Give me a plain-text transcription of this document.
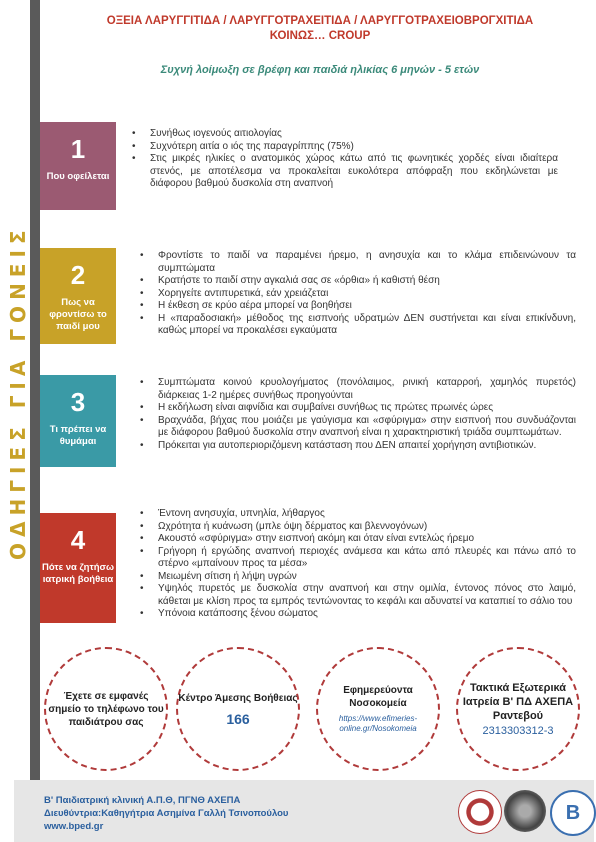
ΟΔΗΓΙΕΣ ΓΙΑ ΓΟΝΕΙΣ
ΟΞΕΙΑ ΛΑΡΥΓΓΙΤΙΔΑ / ΛΑΡΥΓΓΟΤΡΑΧΕΙΤΙΔΑ / ΛΑΡΥΓΓΟΤΡΑΧΕΙΟΒΡΟΓΧΙΤΙΔΑ
ΚΟΙΝΩΣ… CROUP
Συχνή λοίμωξη σε βρέφη και παιδιά ηλικίας 6 μηνών - 5 ετών
1
Που οφείλεται
• Συνήθως ιογενούς αιτιολογίας
• Συχνότερη αιτία ο ιός της παραγρίππης (75%)
• Στις μικρές ηλικίες ο ανατομικός χώρος κάτω από τις φωνητικές χορδές είναι ιδιαίτερα στενός, με αποτέλεσμα να προκαλείται ευκολότερα απόφραξη που εκδηλώνεται με διάφορου βαθμού δυσκολία στη αναπνοή
2
Πως να φροντίσω το παιδί μου
• Φροντίστε το παιδί να παραμένει ήρεμο, η ανησυχία και το κλάμα επιδεινώνουν τα συμπτώματα
• Κρατήστε το παιδί στην αγκαλιά σας σε «όρθια» ή καθιστή θέση
• Χορηγείτε αντιπυρετικά, εάν χρειάζεται
• Η έκθεση σε κρύο αέρα μπορεί να βοηθήσει
• Η «παραδοσιακή» μέθοδος της εισπνοής υδρατμών ΔΕΝ συστήνεται και είναι επικίνδυνη, καθώς μπορεί να προκαλέσει εγκαύματα
3
Τι πρέπει να θυμάμαι
• Συμπτώματα κοινού κρυολογήματος (πονόλαιμος, ρινική καταρροή, χαμηλός πυρετός) διάρκειας 1-2 ημέρες συνήθως προηγούνται
• Η εκδήλωση είναι αιφνίδια και συμβαίνει συνήθως τις πρώτες πρωινές ώρες
• Βραχνάδα, βήχας που μοιάζει με γαύγισμα και «σφύριγμα» στην εισπνοή που συνδυάζονται με διάφορου βαθμού δυσκολία στην αναπνοή είναι η χαρακτηριστική τριάδα συμπτωμάτων.
• Πρόκειται για αυτοπεριοριζόμενη κατάσταση που ΔΕΝ απαιτεί χορήγηση αντιβιοτικών.
4
Πότε να ζητήσω ιατρική βοήθεια
• Έντονη ανησυχία, υπνηλία, λήθαργος
• Ωχρότητα ή κυάνωση (μπλε όψη δέρματος και βλεννογόνων)
• Ακουστό «σφύριγμα» στην εισπνοή ακόμη και όταν είναι εντελώς ήρεμο
• Γρήγορη ή εργώδης αναπνοή περιοχές ανάμεσα και κάτω από πλευρές και πάνω από το στέρνο «μπαίνουν προς τα μέσα»
• Μειωμένη σίτιση ή λήψη υγρών
• Υψηλός πυρετός με δυσκολία στην αναπνοή και στην ομιλία, έντονος πόνος στο λαιμό, κάθεται με κλίση προς τα εμπρός τεντώνοντας το κεφάλι και αδυνατεί να καταπιεί το σάλιο του
• Υπόνοια κατάποσης ξένου σώματος
Έχετε σε εμφανές σημείο το τηλέφωνο του παιδιάτρου σας
Κέντρο Άμεσης Βοήθειας
166
Εφημερεύοντα Νοσοκομεία
https://www.efimeries-online.gr/Nosokomeia
Τακτικά Εξωτερικά Ιατρεία Β' ΠΔ ΑΧΕΠΑ Ραντεβού
2313303312-3
Β' Παιδιατρική κλινική Α.Π.Θ, ΠΓΝΘ ΑΧΕΠΑ
Διευθύντρια:Καθηγήτρια Ασημίνα Γαλλή Τσινοπούλου
www.bped.gr
B
